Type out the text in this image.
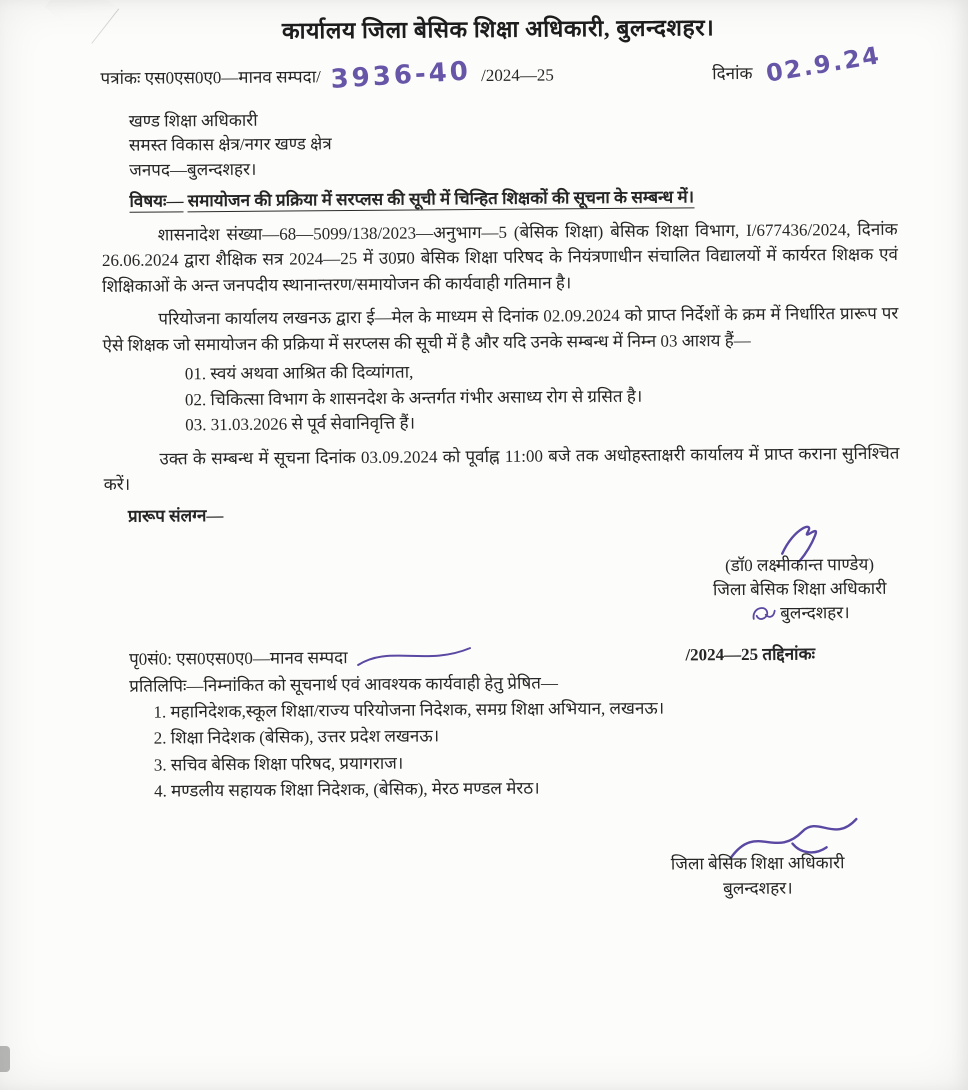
कार्यालय जिला बेसिक शिक्षा अधिकारी, बुलन्दशहर।
पत्रांकः एस0एस0ए0—मानव सम्पदा/ 3936-40 /2024—25	दिनांक 02.9.24
खण्ड शिक्षा अधिकारी
समस्त विकास क्षेत्र/नगर खण्ड क्षेत्र
जनपद—बुलन्दशहर।
विषयः— समायोजन की प्रक्रिया में सरप्लस की सूची में चिन्हित शिक्षकों की सूचना के सम्बन्ध में।
शासनादेश संख्या—68—5099/138/2023—अनुभाग—5 (बेसिक शिक्षा) बेसिक शिक्षा विभाग, I/677436/2024, दिनांक 26.06.2024 द्वारा शैक्षिक सत्र 2024—25 में उ0प्र0 बेसिक शिक्षा परिषद के नियंत्रणाधीन संचालित विद्यालयों में कार्यरत शिक्षक एवं शिक्षिकाओं के अन्त जनपदीय स्थानान्तरण/समायोजन की कार्यवाही गतिमान है।
परियोजना कार्यालय लखनऊ द्वारा ई—मेल के माध्यम से दिनांक 02.09.2024 को प्राप्त निर्देशों के क्रम में निर्धारित प्रारूप पर ऐसे शिक्षक जो समायोजन की प्रक्रिया में सरप्लस की सूची में है और यदि उनके सम्बन्ध में निम्न 03 आशय हैं—
01. स्वयं अथवा आश्रित की दिव्यांगता,
02. चिकित्सा विभाग के शासनदेश के अन्तर्गत गंभीर असाध्य रोग से ग्रसित है।
03. 31.03.2026 से पूर्व सेवानिवृत्ति हैं।
उक्त के सम्बन्ध में सूचना दिनांक 03.09.2024 को पूर्वाह्न 11:00 बजे तक अधोहस्ताक्षरी कार्यालय में प्राप्त कराना सुनिश्चित करें।
प्रारूप संलग्न—
(डॉ0 लक्ष्मीकान्त पाण्डेय)
जिला बेसिक शिक्षा अधिकारी
बुलन्दशहर।
पृ0सं0: एस0एस0ए0—मानव सम्पदा	/2024—25 तद्दिनांकः
प्रतिलिपिः—निम्नांकित को सूचनार्थ एवं आवश्यक कार्यवाही हेतु प्रेषित—
1. महानिदेशक,स्कूल शिक्षा/राज्य परियोजना निदेशक, समग्र शिक्षा अभियान, लखनऊ।
2. शिक्षा निदेशक (बेसिक), उत्तर प्रदेश लखनऊ।
3. सचिव बेसिक शिक्षा परिषद, प्रयागराज।
4. मण्डलीय सहायक शिक्षा निदेशक, (बेसिक), मेरठ मण्डल मेरठ।
जिला बेसिक शिक्षा अधिकारी
बुलन्दशहर।
